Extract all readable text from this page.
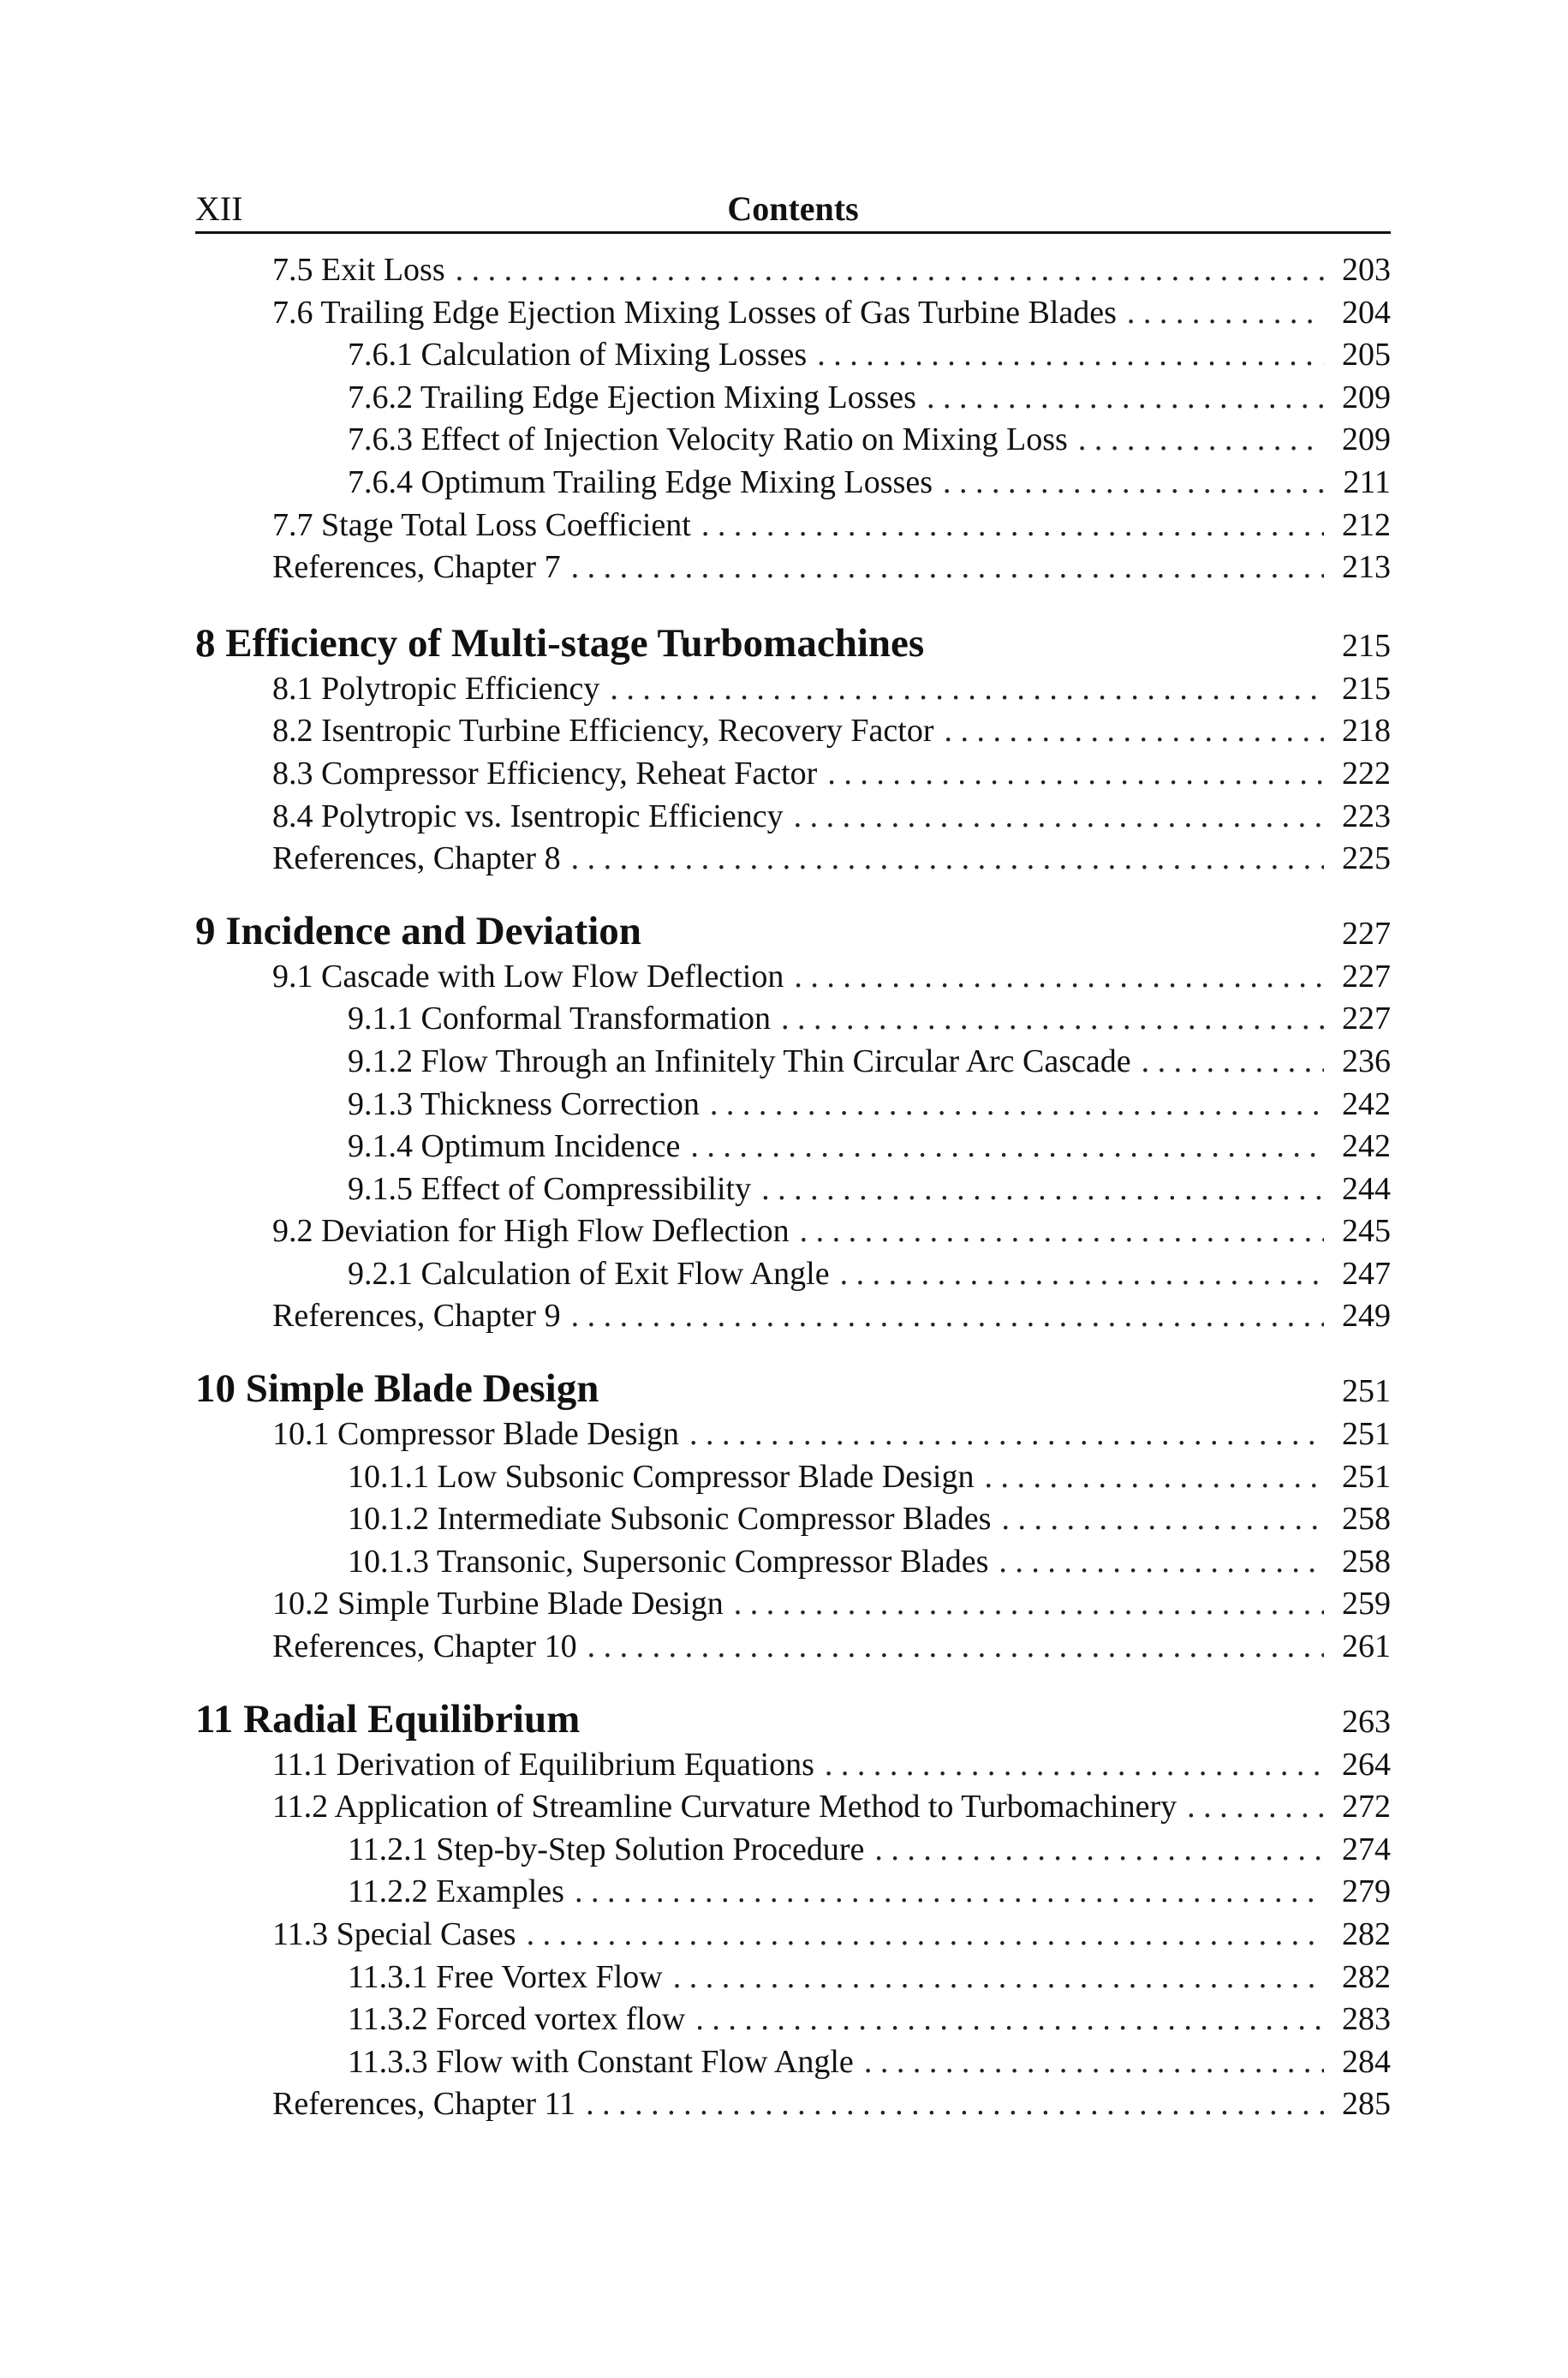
XII	Contents
7.5 Exit Loss . . .	203
7.6 Trailing Edge Ejection Mixing Losses of Gas Turbine Blades . . .	204
7.6.1 Calculation of Mixing Losses . . .	205
7.6.2 Trailing Edge Ejection Mixing Losses . . .	209
7.6.3 Effect of Injection Velocity Ratio on Mixing Loss . . .	209
7.6.4 Optimum Trailing Edge Mixing Losses . . .	211
7.7 Stage Total Loss Coefficient . . .	212
References, Chapter 7 . . .	213
8 Efficiency of Multi-stage Turbomachines	215
8.1 Polytropic Efficiency . . .	215
8.2 Isentropic Turbine Efficiency, Recovery Factor . . .	218
8.3 Compressor Efficiency, Reheat Factor . . .	222
8.4 Polytropic vs. Isentropic Efficiency . . .	223
References, Chapter 8 . . .	225
9 Incidence and Deviation	227
9.1 Cascade with Low Flow Deflection . . .	227
9.1.1 Conformal Transformation . . .	227
9.1.2 Flow Through an Infinitely Thin Circular Arc Cascade . . .	236
9.1.3 Thickness Correction . . .	242
9.1.4 Optimum Incidence . . .	242
9.1.5 Effect of Compressibility . . .	244
9.2 Deviation for High Flow Deflection . . .	245
9.2.1 Calculation of Exit Flow Angle . . .	247
References, Chapter 9 . . .	249
10 Simple Blade Design	251
10.1 Compressor Blade Design . . .	251
10.1.1 Low Subsonic Compressor Blade Design . . .	251
10.1.2 Intermediate Subsonic Compressor Blades . . .	258
10.1.3 Transonic, Supersonic Compressor Blades . . .	258
10.2 Simple Turbine Blade Design . . .	259
References, Chapter 10 . . .	261
11 Radial Equilibrium	263
11.1 Derivation of Equilibrium Equations . . .	264
11.2 Application of Streamline Curvature Method to Turbomachinery . . .	272
11.2.1 Step-by-Step Solution Procedure . . .	274
11.2.2 Examples . . .	279
11.3 Special Cases . . .	282
11.3.1 Free Vortex Flow . . .	282
11.3.2 Forced vortex flow . . .	283
11.3.3 Flow with Constant Flow Angle . . .	284
References, Chapter 11 . . .	285
